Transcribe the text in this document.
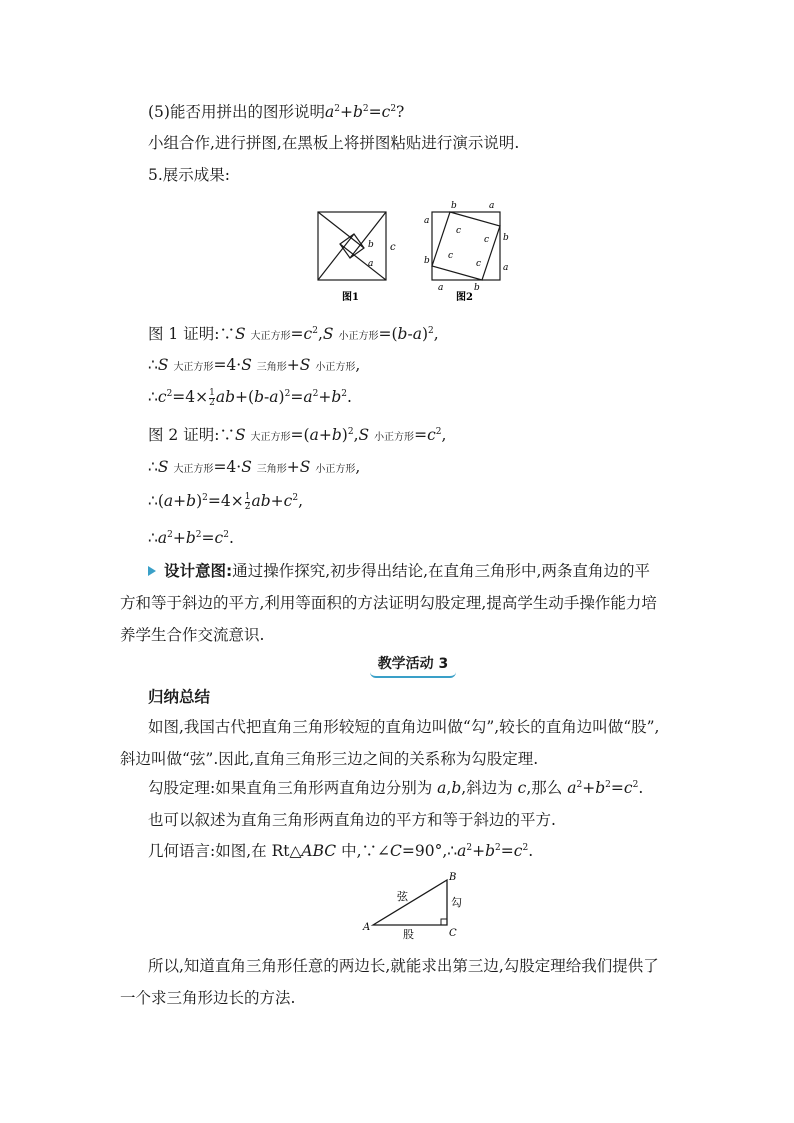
(5)能否用拼出的图形说明$a^2+b^2=c^2$?
小组合作,进行拼图,在黑板上将拼图粘贴进行演示说明.
5.展示成果:
b
a
c
图1
b	a
a
b
b
a
a	b
c
c
c
c
图2
图 1 证明:∵S 大正方形$=c^2,S$ 小正方形$=(b-a)^2$,
∴S 大正方形=4·S 三角形+S 小正方形,
$\therefore c^2=4\times \frac{1}{2} ab+(b-a)^2=a^2+b^2$.
图 2 证明:∵S 大正方形$=(a+b)^2,S$ 小正方形$=c^2$,
∴S 大正方形=4·S 三角形+S 小正方形,
$\therefore(a+b)^2=4\times \frac{1}{2} ab+c^2$,
$\therefore a^2+b^2=c^2$.
设计意图:通过操作探究,初步得出结论,在直角三角形中,两条直角边的平方和等于斜边的平方,利用等面积的方法证明勾股定理,提高学生动手操作能力培养学生合作交流意识.
教学活动 3
归纳总结
如图,我国古代把直角三角形较短的直角边叫做“勾”,较长的直角边叫做“股”,斜边叫做“弦”.因此,直角三角形三边之间的关系称为勾股定理.
勾股定理:如果直角三角形两直角边分别为 a,b,斜边为 c,那么 $a^2+b^2=c^2$.
也可以叙述为直角三角形两直角边的平方和等于斜边的平方.
几何语言:如图,在 Rt△ABC 中$,\because\angle C=90^\circ,\therefore a^2+b^2=c^2$.
弦	勾
股
A
B
C
所以,知道直角三角形任意的两边长,就能求出第三边,勾股定理给我们提供了一个求三角形边长的方法.
